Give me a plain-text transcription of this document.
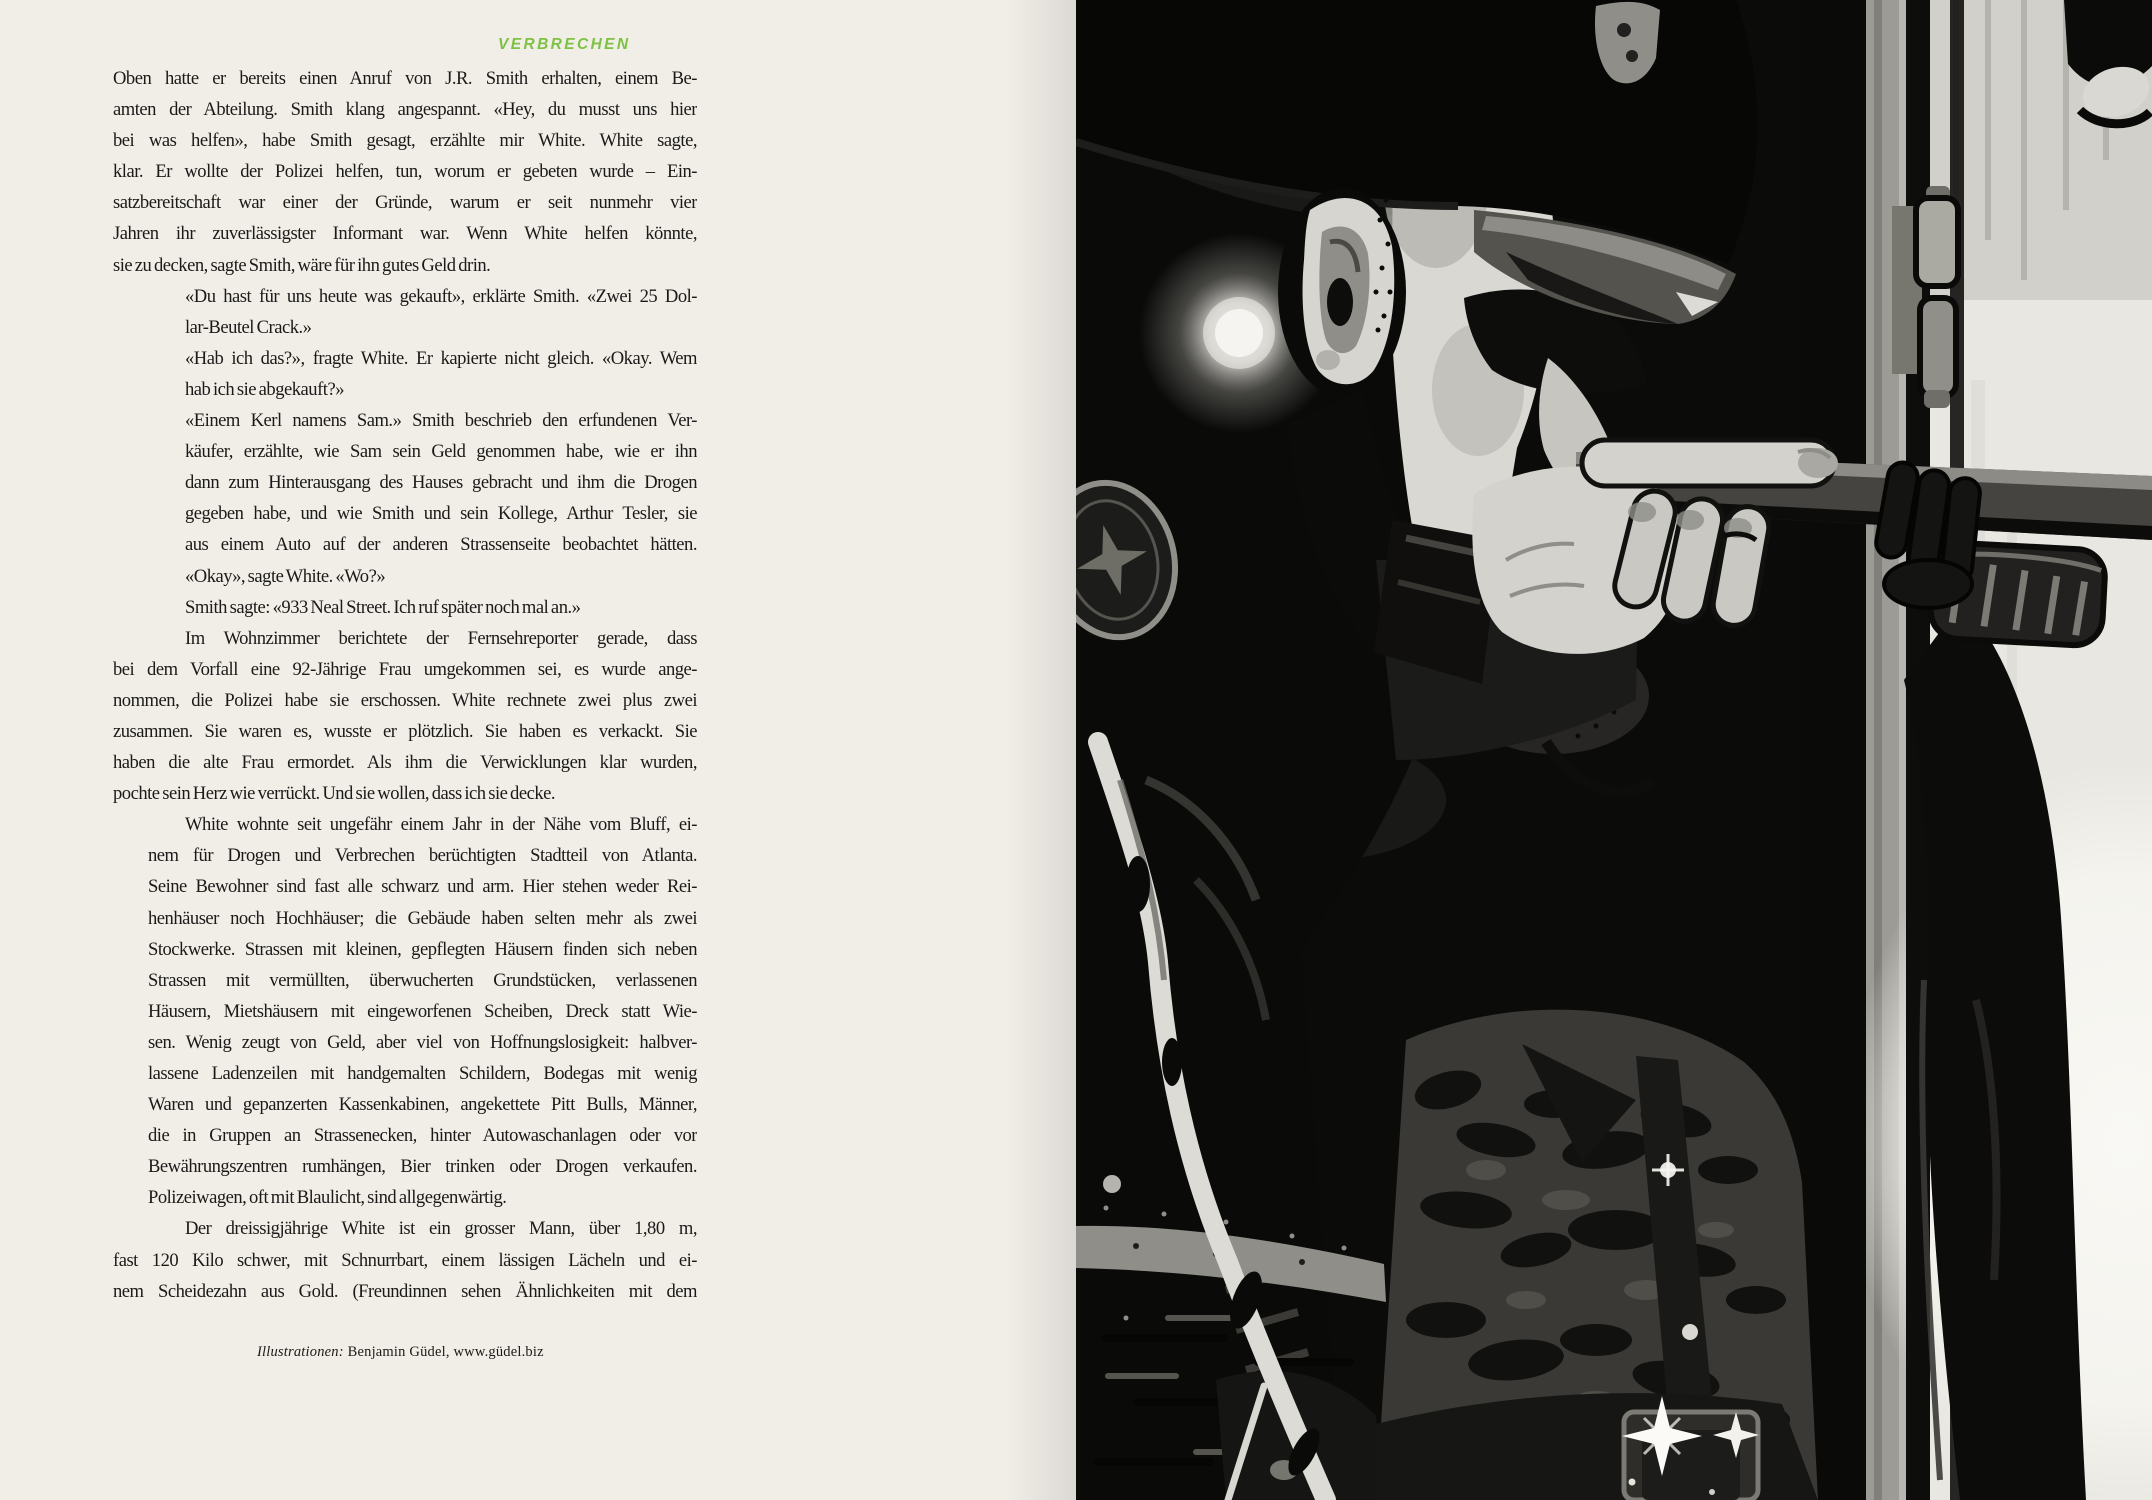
VERBRECHEN
Oben hatte er bereits einen Anruf von J.R. Smith erhalten, einem Be-
amten der Abteilung. Smith klang angespannt. «Hey, du musst uns hier
bei was helfen», habe Smith gesagt, erzählte mir White. White sagte,
klar. Er wollte der Polizei helfen, tun, worum er gebeten wurde – Ein-
satzbereitschaft war einer der Gründe, warum er seit nunmehr vier
Jahren ihr zuverlässigster Informant war. Wenn White helfen könnte,
sie zu decken, sagte Smith, wäre für ihn gutes Geld drin.
«Du hast für uns heute was gekauft», erklärte Smith. «Zwei 25 Dol-
lar-Beutel Crack.»
«Hab ich das?», fragte White. Er kapierte nicht gleich. «Okay. Wem
hab ich sie abgekauft?»
«Einem Kerl namens Sam.» Smith beschrieb den erfundenen Ver-
käufer, erzählte, wie Sam sein Geld genommen habe, wie er ihn
dann zum Hinterausgang des Hauses gebracht und ihm die Drogen
gegeben habe, und wie Smith und sein Kollege, Arthur Tesler, sie
aus einem Auto auf der anderen Strassenseite beobachtet hätten.
«Okay», sagte White. «Wo?»
Smith sagte: «933 Neal Street. Ich ruf später noch mal an.»
Im Wohnzimmer berichtete der Fernsehreporter gerade, dass
bei dem Vorfall eine 92-Jährige Frau umgekommen sei, es wurde ange-
nommen, die Polizei habe sie erschossen. White rechnete zwei plus zwei
zusammen. Sie waren es, wusste er plötzlich. Sie haben es verkackt. Sie
haben die alte Frau ermordet. Als ihm die Verwicklungen klar wurden,
pochte sein Herz wie verrückt. Und sie wollen, dass ich sie decke.
White wohnte seit ungefähr einem Jahr in der Nähe vom Bluff, ei-
nem für Drogen und Verbrechen berüchtigten Stadtteil von Atlanta.
Seine Bewohner sind fast alle schwarz und arm. Hier stehen weder Rei-
henhäuser noch Hochhäuser; die Gebäude haben selten mehr als zwei
Stockwerke. Strassen mit kleinen, gepflegten Häusern finden sich neben
Strassen mit vermüllten, überwucherten Grundstücken, verlassenen
Häusern, Mietshäusern mit eingeworfenen Scheiben, Dreck statt Wie-
sen. Wenig zeugt von Geld, aber viel von Hoffnungslosigkeit: halbver-
lassene Ladenzeilen mit handgemalten Schildern, Bodegas mit wenig
Waren und gepanzerten Kassenkabinen, angekettete Pitt Bulls, Männer,
die in Gruppen an Strassenecken, hinter Autowaschanlagen oder vor
Bewährungszentren rumhängen, Bier trinken oder Drogen verkaufen.
Polizeiwagen, oft mit Blaulicht, sind allgegenwärtig.
Der dreissigjährige White ist ein grosser Mann, über 1,80 m,
fast 120 Kilo schwer, mit Schnurrbart, einem lässigen Lächeln und ei-
nem Scheidezahn aus Gold. (Freundinnen sehen Ähnlichkeiten mit dem
Illustrationen: Benjamin Güdel, www.güdel.biz
